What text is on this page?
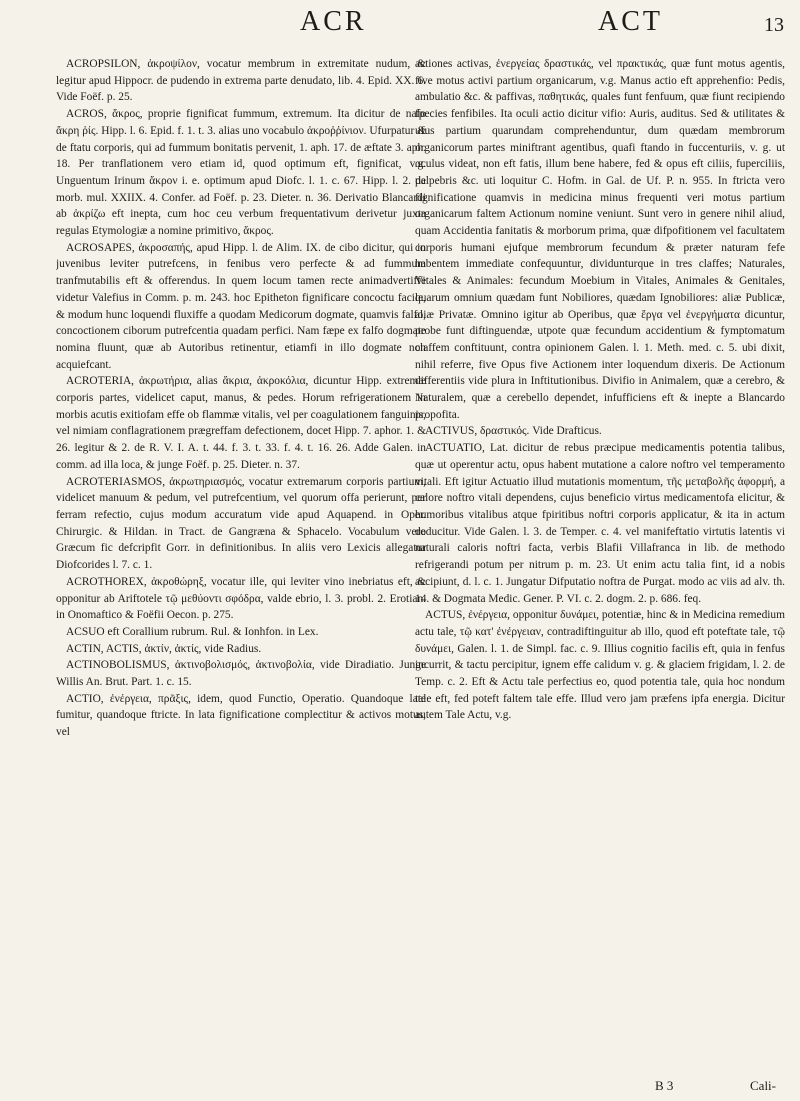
ACR	ACT	13

ACROPSILON, ἀκροψίλον, vocatur membrum in extremitate nudum, & legitur apud Hippocr. de pudendo in extrema parte denudato, lib. 4. Epid. XX. 6. Vide Foëf. p. 25.

ACROS, ἄκρος, proprie fignificat fummum, extremum. Ita dicitur de nafo ἄκρη ῥίς. Hipp. l. 6. Epid. f. 1. t. 3. alias uno vocabulo ἀκροῤῥίνιον. Ufurpatur & de ftatu corporis, qui ad fummum bonitatis pervenit, 1. aph. 17. de æftate 3. aph. 18. Per tranflationem vero etiam id, quod optimum eft, fignificat, v.g. Unguentum Irinum ἄκρον i. e. optimum apud Diofc. l. 1. c. 67. Hipp. l. 2. de morb. mul. XXIIX. 4. Confer. ad Foëf. p. 23. Dieter. n. 36. Derivatio Blancardi ab ἀκρίζω eft inepta, cum hoc ceu verbum frequentativum derivetur juxta regulas Etymologiæ a nomine primitivo, ἄκρος.

ACROSAPES, ἀκροσαπής, apud Hipp. l. de Alim. IX. de cibo dicitur, qui in juvenibus leviter putrefcens, in fenibus vero perfecte & ad fummum tranfmutabilis eft & offerendus. In quem locum tamen recte animadvertiffe videtur Valefius in Comm. p. m. 243. hoc Epitheton fignificare concoctu facile, & modum hunc loquendi fluxiffe a quodam Medicorum dogmate, quamvis falfo, concoctionem ciborum putrefcentia quadam perfici. Nam fæpe ex falfo dogmate nomina fluunt, quæ ab Autoribus retinentur, etiamfi in illo dogmate non acquiefcant.

ACROTERIA, ἀκρωτήρια, alias ἄκρια, ἀκροκόλια, dicuntur Hipp. extremæ corporis partes, videlicet caput, manus, & pedes. Horum refrigerationem in morbis acutis exitiofam effe ob flammæ vitalis, vel per coagulationem fanguinis, vel nimiam conflagrationem prægreffam defectionem, docet Hipp. 7. aphor. 1. & 26. legitur & 2. de R. V. I. A. t. 44. f. 3. t. 33. f. 4. t. 16. 26. Adde Galen. in comm. ad illa loca, & junge Foëf. p. 25. Dieter. n. 37.

ACROTERIASMOS, ἀκρωτηριασμός, vocatur extremarum corporis partium, videlicet manuum & pedum, vel putrefcentium, vel quorum offa perierunt, per ferram refectio, cujus modum accuratum vide apud Aquapend. in Oper. Chirurgic. & Hildan. in Tract. de Gangræna & Sphacelo. Vocabulum vero Græcum fic defcripfit Gorr. in definitionibus. In aliis vero Lexicis allegatur Diofcorides l. 7. c. 1.

ACROTHOREX, ἀκροθώρηξ, vocatur ille, qui leviter vino inebriatus eft, & opponitur ab Ariftotele τῷ μεθύοντι σφόδρα, valde ebrio, l. 3. probl. 2. Erotian. in Onomaftico & Foëfii Oecon. p. 275.

ACSUO eft Corallium rubrum. Rul. & Ionhfon. in Lex.

ACTIN, ACTIS, ἀκτίν, ἀκτίς, vide Radius.

ACTINOBOLISMUS, ἀκτινοβολισμός, ἀκτινοβολία, vide Diradiatio. Junge Willis An. Brut. Part. 1. c. 15.

ACTIO, ἐνέργεια, πρᾶξις, idem, quod Functio, Operatio. Quandoque late fumitur, quandoque ftricte. In lata fignificatione complectitur & activos motus, vel

actiones activas, ἐνεργείας δραστικάς, vel πρακτικάς, quæ funt motus agentis, five motus activi partium organicarum, v.g. Manus actio eft apprehenfio: Pedis, ambulatio &c. & paffivas, παθητικάς, quales funt fenfuum, quæ fiunt recipiendo fpecies fenfibiles. Ita oculi actio dicitur vifio: Auris, auditus. Sed & utilitates & ufus partium quarundam comprehenduntur, dum quædam membrorum organicorum partes miniftrant agentibus, quafi ftando in fuccenturiis, v. g. ut oculus videat, non eft fatis, illum bene habere, fed & opus eft ciliis, fuperciliis, palpebris &c. uti loquitur C. Hofm. in Gal. de Uf. P. n. 955. In ftricta vero fignificatione quamvis in medicina minus frequenti veri motus partium organicarum faltem Actionum nomine veniunt. Sunt vero in genere nihil aliud, quam Accidentia fanitatis & morborum prima, quæ difpofitionem vel facultatem corporis humani ejufque membrorum fecundum & præter naturam fefe habentem immediate confequuntur, dividunturque in tres claffes; Naturales, Vitales & Animales: fecundum Moebium in Vitales, Animales & Genitales, quarum omnium quædam funt Nobiliores, quædam Ignobiliores: aliæ Publicæ, aliæ Privatæ. Omnino igitur ab Operibus, quæ ἔργα vel ἐνεργήματα dicuntur, probe funt diftinguendæ, utpote quæ fecundum accidentium & fymptomatum claffem conftituunt, contra opinionem Galen. l. 1. Meth. med. c. 5. ubi dixit, nihil referre, five Opus five Actionem inter loquendum dixeris. De Actionum differentiis vide plura in Inftitutionibus. Divifio in Animalem, quæ a cerebro, & Naturalem, quæ a cerebello dependet, infufficiens eft & inepte a Blancardo propofita.

ACTIVUS, δραστικός. Vide Drafticus.

ACTUATIO, Lat. dicitur de rebus præcipue medicamentis potentia talibus, quæ ut operentur actu, opus habent mutatione a calore noftro vel temperamento vitali. Eft igitur Actuatio illud mutationis momentum, τῆς μεταβολῆς ἀφορμή, a calore noftro vitali dependens, cujus beneficio virtus medicamentofa elicitur, & humoribus vitalibus atque fpiritibus noftri corporis applicatur, & ita in actum deducitur. Vide Galen. l. 3. de Temper. c. 4. vel manifeftatio virtutis latentis vi naturali caloris noftri facta, verbis Blafii Villafranca in lib. de methodo refrigerandi potum per nitrum p. m. 23. Ut enim actu talia fint, id a nobis accipiunt, d. l. c. 1. Jungatur Difputatio noftra de Purgat. modo ac viis ad alv. th. 14. & Dogmata Medic. Gener. P. VI. c. 2. dogm. 2. p. 686. feq.

ACTUS, ἐνέργεια, opponitur δυνάμει, potentiæ, hinc & in Medicina remedium actu tale, τῷ κατ' ἐνέργειαν, contradiftinguitur ab illo, quod eft poteftate tale, τῷ δυνάμει, Galen. l. 1. de Simpl. fac. c. 9. Illius cognitio facilis eft, quia in fenfus incurrit, & tactu percipitur, ignem effe calidum v. g. & glaciem frigidam, l. 2. de Temp. c. 2. Eft & Actu tale perfectius eo, quod potentia tale, quia hoc nondum tale eft, fed poteft faltem tale effe. Illud vero jam præfens ipfa energia. Dicitur autem Tale Actu, v.g.

B 3	Cali-
